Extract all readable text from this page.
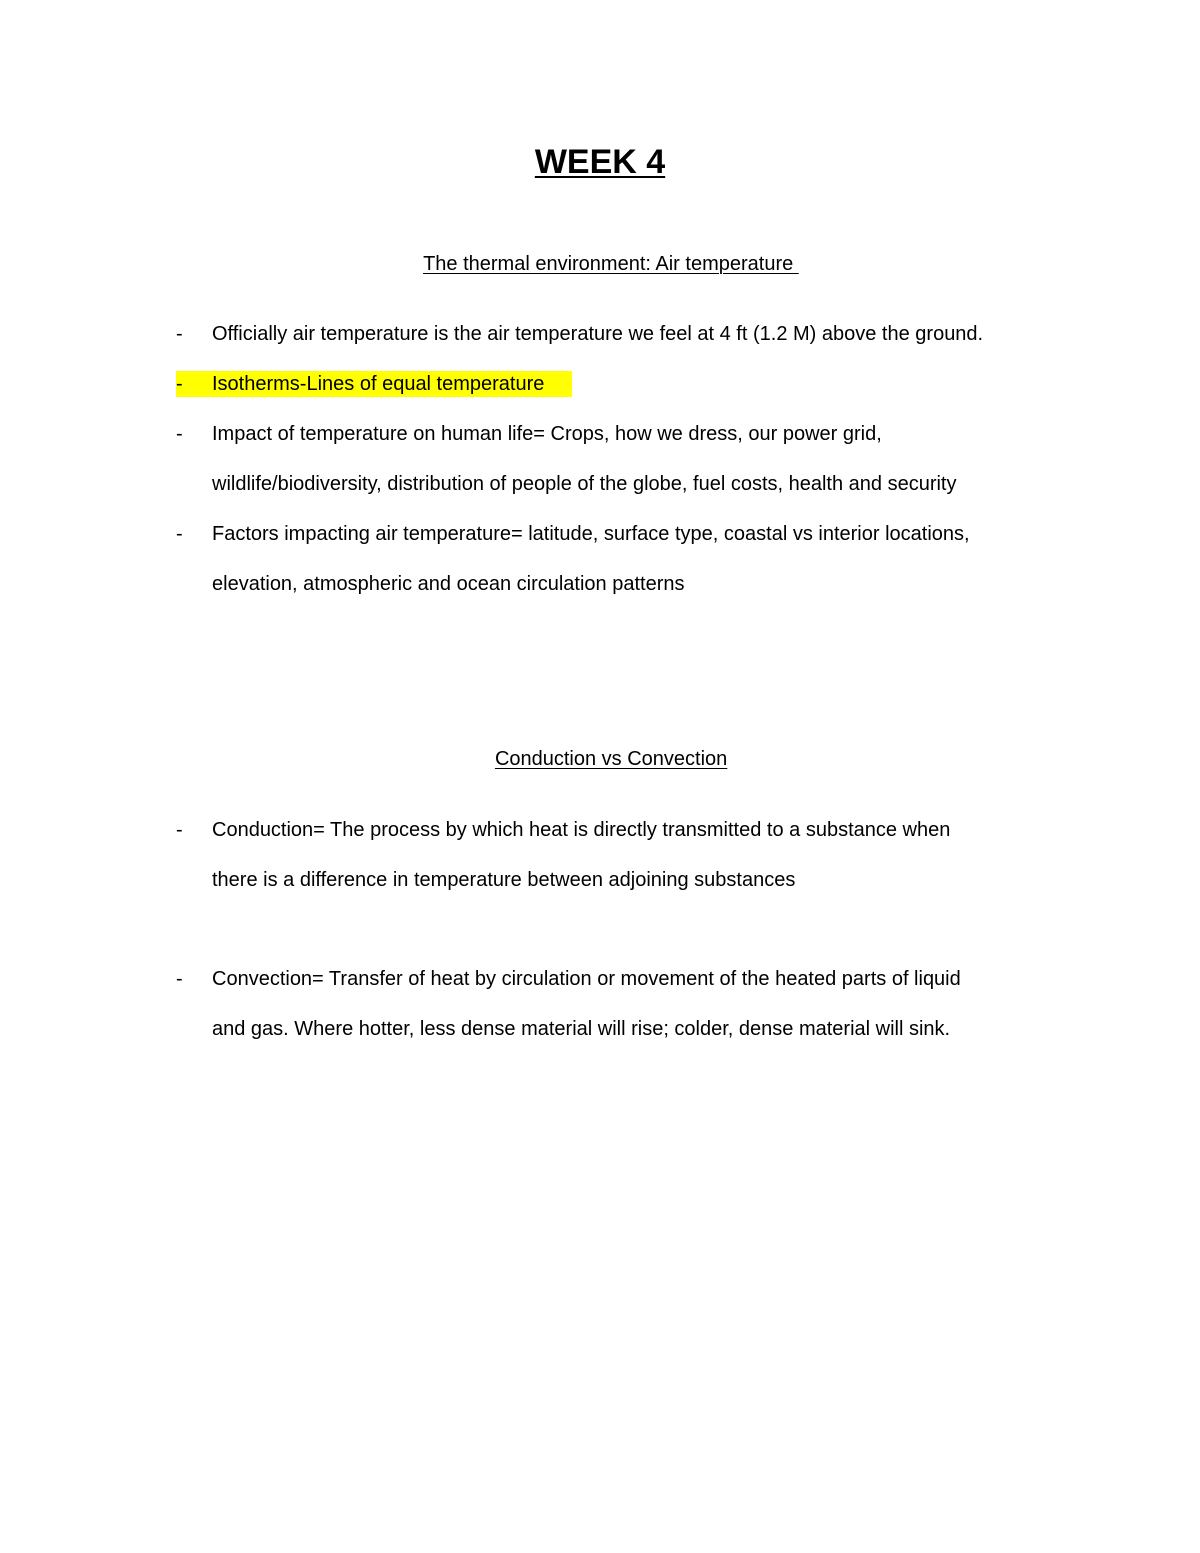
WEEK 4

The thermal environment: Air temperature

- Officially air temperature is the air temperature we feel at 4 ft (1.2 M) above the ground.
- Isotherms-Lines of equal temperature
- Impact of temperature on human life= Crops, how we dress, our power grid,
wildlife/biodiversity, distribution of people of the globe, fuel costs, health and security
- Factors impacting air temperature= latitude, surface type, coastal vs interior locations,
elevation, atmospheric and ocean circulation patterns

Conduction vs Convection

- Conduction= The process by which heat is directly transmitted to a substance when
there is a difference in temperature between adjoining substances
- Convection= Transfer of heat by circulation or movement of the heated parts of liquid
and gas. Where hotter, less dense material will rise; colder, dense material will sink.
